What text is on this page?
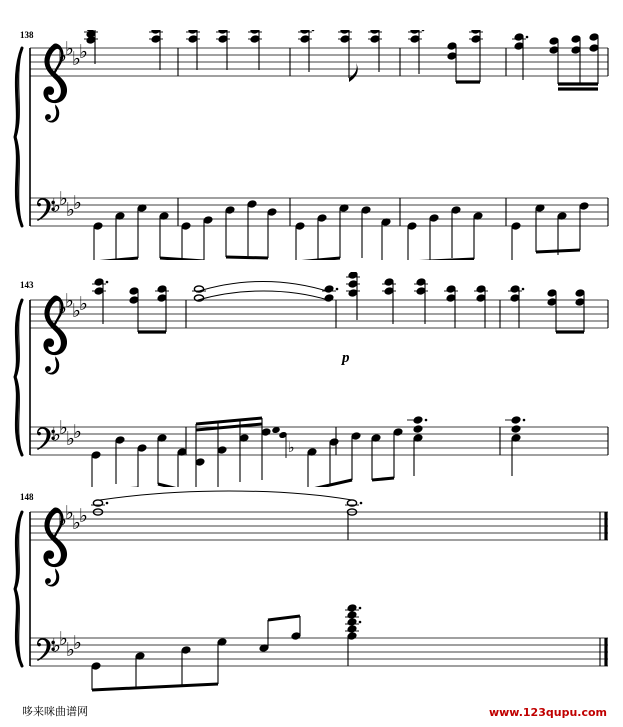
138
♭
♭
♭
♭
♭
♭
♭
♭
143
p
♭
♭
♭
♭
♭
♭
♭
♭
♭
148
♭
♭
♭
♭
♭
♭
♭
♭
哆来咪曲谱网	www.123qupu.com
